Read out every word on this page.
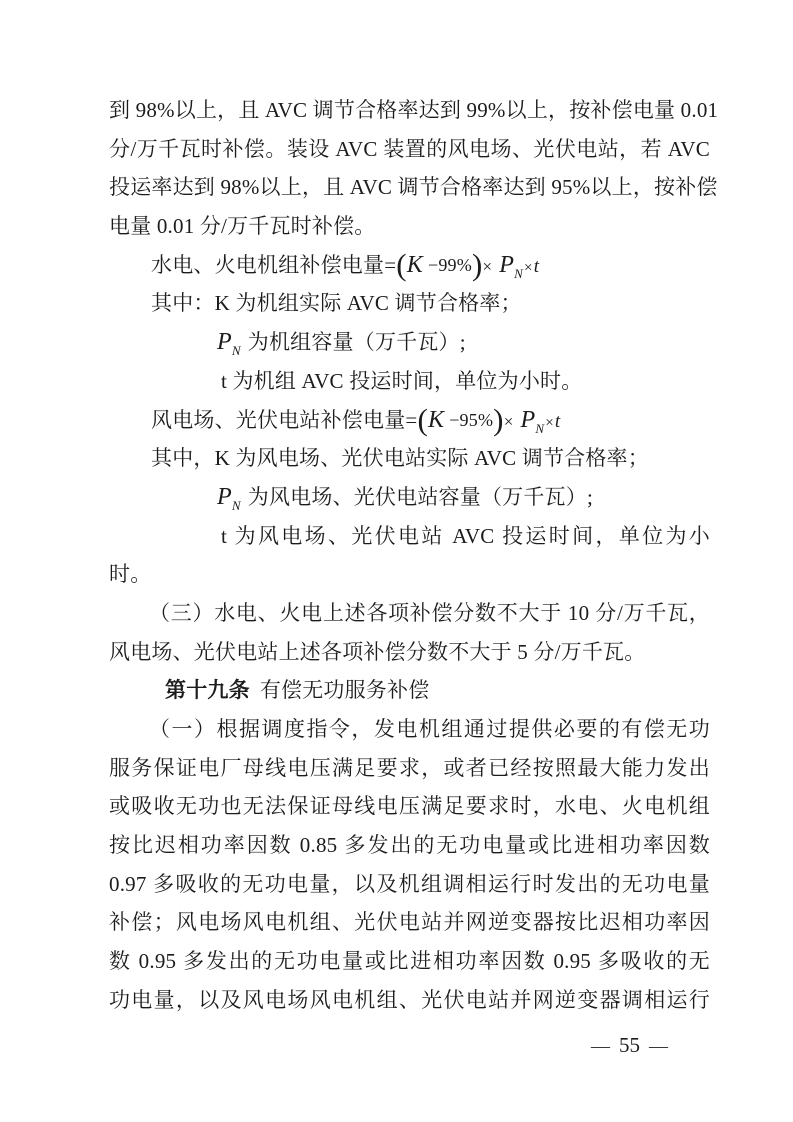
到 98%以上，且 AVC 调节合格率达到 99%以上，按补偿电量 0.01
分/万千瓦时补偿。装设 AVC 装置的风电场、光伏电站，若 AVC
投运率达到 98%以上，且 AVC 调节合格率达到 95%以上，按补偿
电量 0.01 分/万千瓦时补偿。
水电、火电机组补偿电量$=(K -99\%)\times P_N\times t$
其中：K 为机组实际 AVC 调节合格率；
$P_N$ 为机组容量（万千瓦）;
t 为机组 AVC 投运时间，单位为小时。
风电场、光伏电站补偿电量$=(K -95\%)\times P_N\times t$
其中，K 为风电场、光伏电站实际 AVC 调节合格率；
$P_N$ 为风电场、光伏电站容量（万千瓦）;
t 为风电场、光伏电站 AVC 投运时间，单位为小
时。
（三）水电、火电上述各项补偿分数不大于 10 分/万千瓦，
风电场、光伏电站上述各项补偿分数不大于 5 分/万千瓦。
第十九条 有偿无功服务补偿
（一）根据调度指令，发电机组通过提供必要的有偿无功
服务保证电厂母线电压满足要求，或者已经按照最大能力发出
或吸收无功也无法保证母线电压满足要求时，水电、火电机组
按比迟相功率因数 0.85 多发出的无功电量或比进相功率因数
0.97 多吸收的无功电量，以及机组调相运行时发出的无功电量
补偿；风电场风电机组、光伏电站并网逆变器按比迟相功率因
数 0.95 多发出的无功电量或比进相功率因数 0.95 多吸收的无
功电量，以及风电场风电机组、光伏电站并网逆变器调相运行
— 55 —
